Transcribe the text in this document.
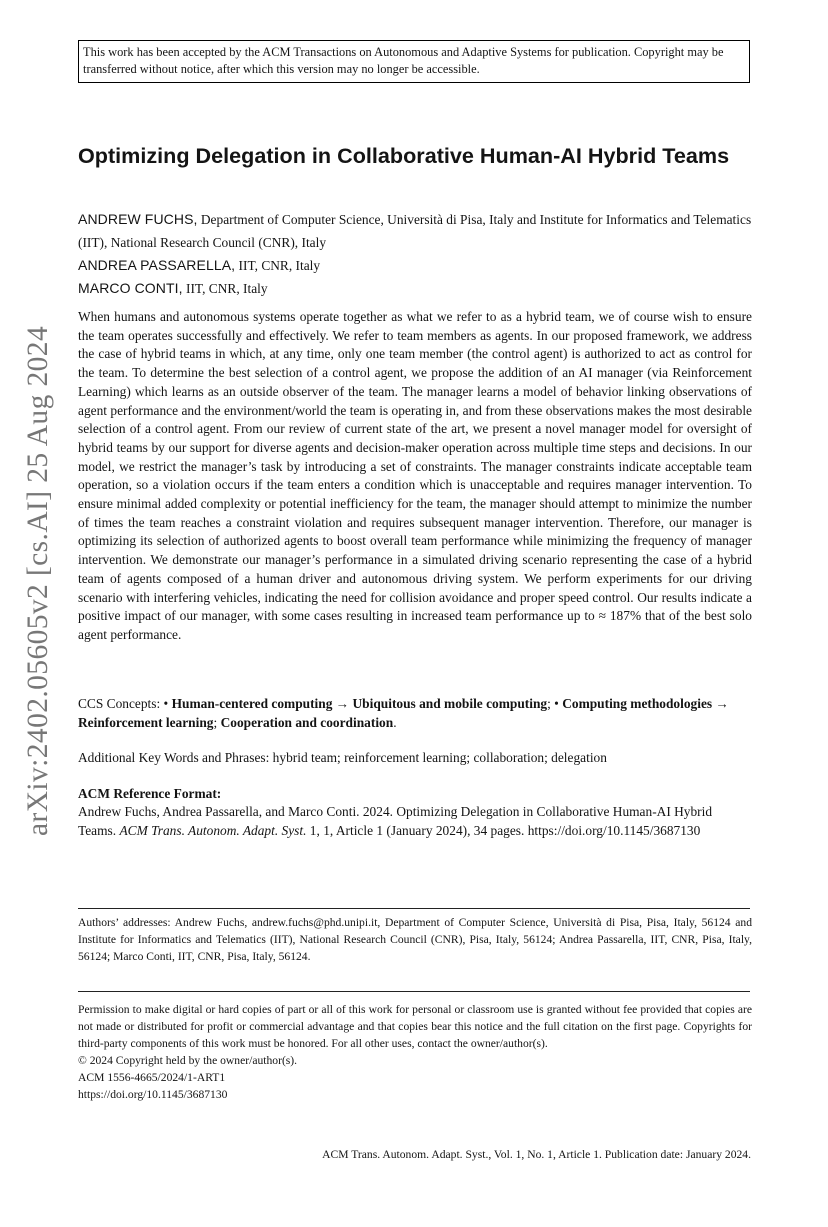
This work has been accepted by the ACM Transactions on Autonomous and Adaptive Systems for publication. Copyright may be transferred without notice, after which this version may no longer be accessible.
arXiv:2402.05605v2 [cs.AI] 25 Aug 2024
Optimizing Delegation in Collaborative Human-AI Hybrid Teams
ANDREW FUCHS, Department of Computer Science, Università di Pisa, Italy and Institute for Informatics and Telematics (IIT), National Research Council (CNR), Italy
ANDREA PASSARELLA, IIT, CNR, Italy
MARCO CONTI, IIT, CNR, Italy

When humans and autonomous systems operate together as what we refer to as a hybrid team, we of course wish to ensure the team operates successfully and effectively. We refer to team members as agents. In our proposed framework, we address the case of hybrid teams in which, at any time, only one team member (the control agent) is authorized to act as control for the team. To determine the best selection of a control agent, we propose the addition of an AI manager (via Reinforcement Learning) which learns as an outside observer of the team. The manager learns a model of behavior linking observations of agent performance and the environment/world the team is operating in, and from these observations makes the most desirable selection of a control agent. From our review of current state of the art, we present a novel manager model for oversight of hybrid teams by our support for diverse agents and decision-maker operation across multiple time steps and decisions. In our model, we restrict the manager’s task by introducing a set of constraints. The manager constraints indicate acceptable team operation, so a violation occurs if the team enters a condition which is unacceptable and requires manager intervention. To ensure minimal added complexity or potential inefficiency for the team, the manager should attempt to minimize the number of times the team reaches a constraint violation and requires subsequent manager intervention. Therefore, our manager is optimizing its selection of authorized agents to boost overall team performance while minimizing the frequency of manager intervention. We demonstrate our manager’s performance in a simulated driving scenario representing the case of a hybrid team of agents composed of a human driver and autonomous driving system. We perform experiments for our driving scenario with interfering vehicles, indicating the need for collision avoidance and proper speed control. Our results indicate a positive impact of our manager, with some cases resulting in increased team performance up to ≈ 187% that of the best solo agent performance.

CCS Concepts: • Human-centered computing → Ubiquitous and mobile computing; • Computing methodologies → Reinforcement learning; Cooperation and coordination.

Additional Key Words and Phrases: hybrid team; reinforcement learning; collaboration; delegation

ACM Reference Format:

Andrew Fuchs, Andrea Passarella, and Marco Conti. 2024. Optimizing Delegation in Collaborative Human-AI Hybrid Teams. ACM Trans. Autonom. Adapt. Syst. 1, 1, Article 1 (January 2024), 34 pages. https://doi.org/10.1145/3687130

Authors’ addresses: Andrew Fuchs, andrew.fuchs@phd.unipi.it, Department of Computer Science, Università di Pisa, Pisa, Italy, 56124 and Institute for Informatics and Telematics (IIT), National Research Council (CNR), Pisa, Italy, 56124; Andrea Passarella, IIT, CNR, Pisa, Italy, 56124; Marco Conti, IIT, CNR, Pisa, Italy, 56124.

Permission to make digital or hard copies of part or all of this work for personal or classroom use is granted without fee provided that copies are not made or distributed for profit or commercial advantage and that copies bear this notice and the full citation on the first page. Copyrights for third-party components of this work must be honored. For all other uses, contact the owner/author(s).

© 2024 Copyright held by the owner/author(s).
ACM 1556-4665/2024/1-ART1
https://doi.org/10.1145/3687130

ACM Trans. Autonom. Adapt. Syst., Vol. 1, No. 1, Article 1. Publication date: January 2024.
